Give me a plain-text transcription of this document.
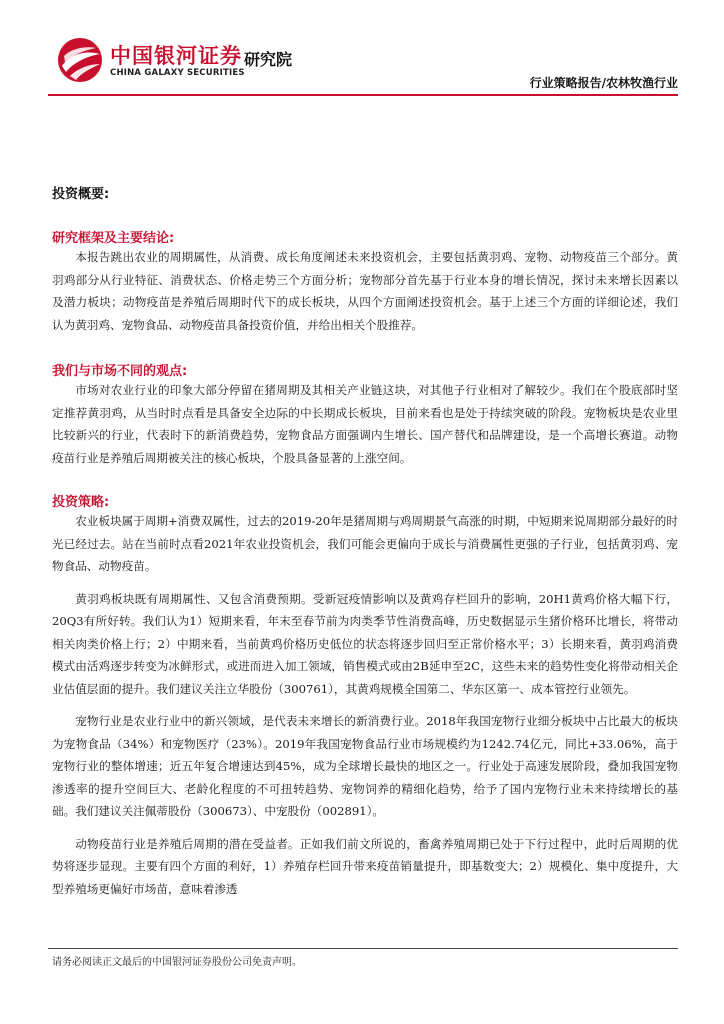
中国银河证券
CHINA GALAXY SECURITIES
研究院
行业策略报告/农林牧渔行业
投资概要:
研究框架及主要结论:

本报告跳出农业的周期属性，从消费、成长角度阐述未来投资机会，主要包括黄羽鸡、宠物、动物疫苗三个部分。黄羽鸡部分从行业特征、消费状态、价格走势三个方面分析；宠物部分首先基于行业本身的增长情况，探讨未来增长因素以及潜力板块；动物疫苗是养殖后周期时代下的成长板块，从四个方面阐述投资机会。基于上述三个方面的详细论述，我们认为黄羽鸡、宠物食品、动物疫苗具备投资价值，并给出相关个股推荐。

我们与市场不同的观点:

市场对农业行业的印象大部分停留在猪周期及其相关产业链这块，对其他子行业相对了解较少。我们在个股底部时坚定推荐黄羽鸡，从当时时点看是具备安全边际的中长期成长板块，目前来看也是处于持续突破的阶段。宠物板块是农业里比较新兴的行业，代表时下的新消费趋势，宠物食品方面强调内生增长、国产替代和品牌建设，是一个高增长赛道。动物疫苗行业是养殖后周期被关注的核心板块，个股具备显著的上涨空间。

投资策略:

农业板块属于周期+消费双属性，过去的2019-20年是猪周期与鸡周期景气高涨的时期，中短期来说周期部分最好的时光已经过去。站在当前时点看2021年农业投资机会，我们可能会更偏向于成长与消费属性更强的子行业，包括黄羽鸡、宠物食品、动物疫苗。

黄羽鸡板块既有周期属性、又包含消费预期。受新冠疫情影响以及黄鸡存栏回升的影响，20H1黄鸡价格大幅下行，20Q3有所好转。我们认为1）短期来看，年末至春节前为肉类季节性消费高峰，历史数据显示生猪价格环比增长，将带动相关肉类价格上行；2）中期来看，当前黄鸡价格历史低位的状态将逐步回归至正常价格水平；3）长期来看，黄羽鸡消费模式由活鸡逐步转变为冰鲜形式，或进而进入加工领域，销售模式或由2B延申至2C，这些未来的趋势性变化将带动相关企业估值层面的提升。我们建议关注立华股份（300761），其黄鸡规模全国第二、华东区第一、成本管控行业领先。

宠物行业是农业行业中的新兴领域，是代表未来增长的新消费行业。2018年我国宠物行业细分板块中占比最大的板块为宠物食品（34%）和宠物医疗（23%）。2019年我国宠物食品行业市场规模约为1242.74亿元，同比+33.06%，高于宠物行业的整体增速；近五年复合增速达到45%，成为全球增长最快的地区之一。行业处于高速发展阶段，叠加我国宠物渗透率的提升空间巨大、老龄化程度的不可扭转趋势、宠物饲养的精细化趋势，给予了国内宠物行业未来持续增长的基础。我们建议关注佩蒂股份（300673）、中宠股份（002891）。

动物疫苗行业是养殖后周期的潜在受益者。正如我们前文所说的，畜禽养殖周期已处于下行过程中，此时后周期的优势将逐步显现。主要有四个方面的利好，1）养殖存栏回升带来疫苗销量提升，即基数变大；2）规模化、集中度提升，大型养殖场更偏好市场苗，意味着渗透

请务必阅读正文最后的中国银河证券股份公司免责声明。
